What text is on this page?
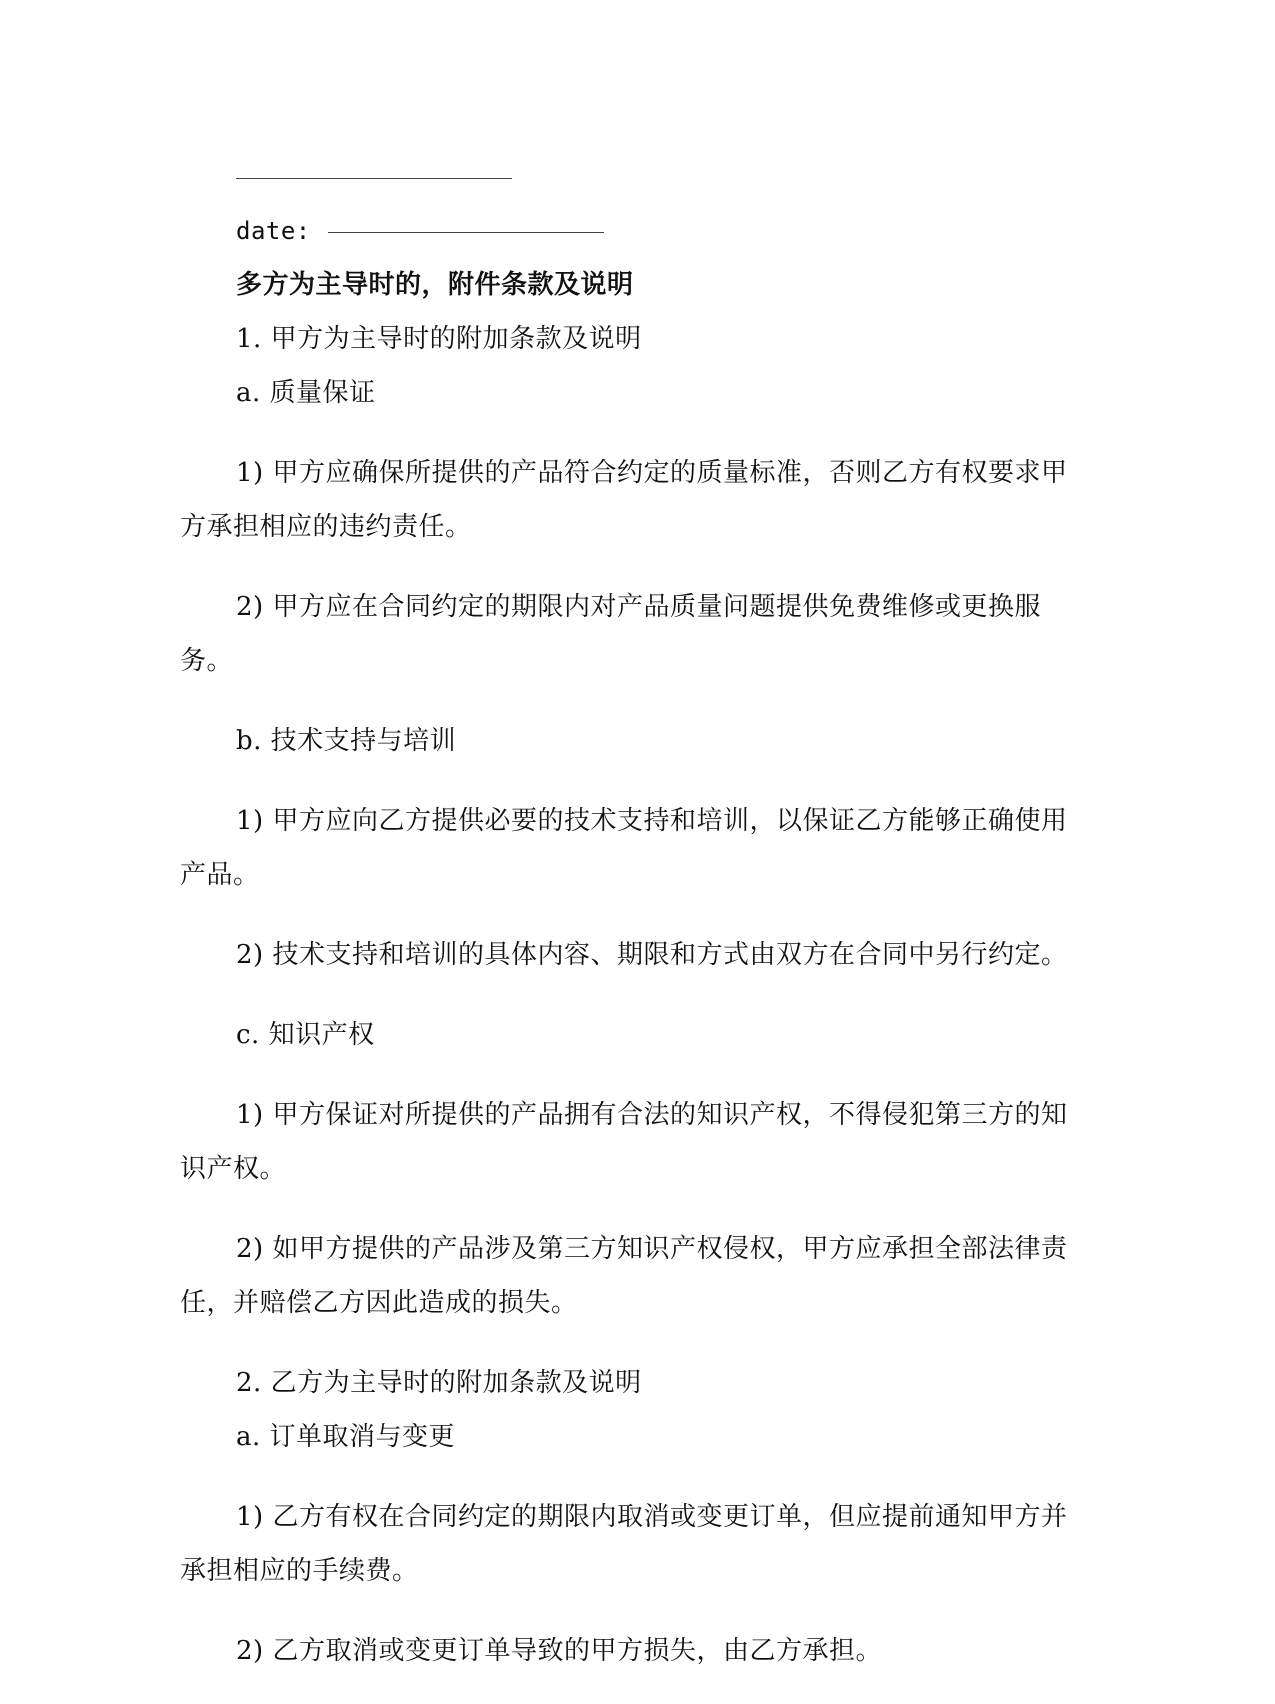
date:

多方为主导时的，附件条款及说明

1. 甲方为主导时的附加条款及说明

a. 质量保证

1) 甲方应确保所提供的产品符合约定的质量标准，否则乙方有权要求甲方承担相应的违约责任。

2) 甲方应在合同约定的期限内对产品质量问题提供免费维修或更换服务。

b. 技术支持与培训

1) 甲方应向乙方提供必要的技术支持和培训，以保证乙方能够正确使用产品。

2) 技术支持和培训的具体内容、期限和方式由双方在合同中另行约定。

c. 知识产权

1) 甲方保证对所提供的产品拥有合法的知识产权，不得侵犯第三方的知识产权。

2) 如甲方提供的产品涉及第三方知识产权侵权，甲方应承担全部法律责任，并赔偿乙方因此造成的损失。

2. 乙方为主导时的附加条款及说明

a. 订单取消与变更

1) 乙方有权在合同约定的期限内取消或变更订单，但应提前通知甲方并承担相应的手续费。

2) 乙方取消或变更订单导致的甲方损失，由乙方承担。
